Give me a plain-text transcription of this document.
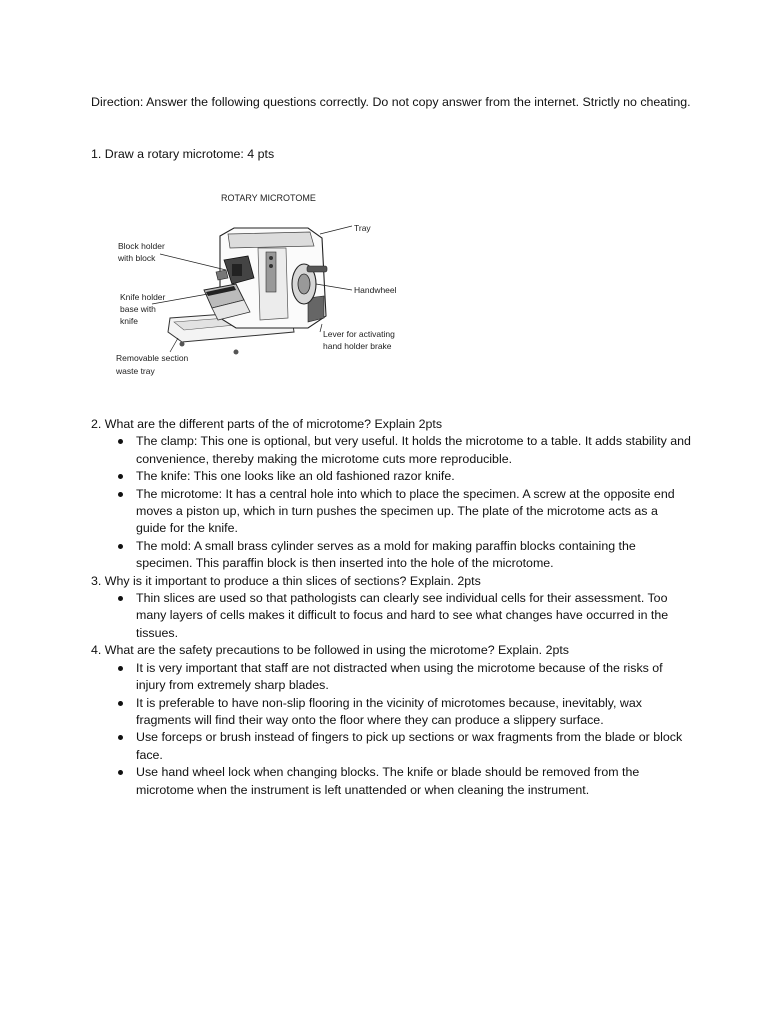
Direction: Answer the following questions correctly. Do not copy answer from the internet. Strictly no cheating.

1. Draw a rotary microtome: 4 pts

ROTARY MICROTOME
Tray
Block holder
with block
Knife holder
base with
knife
Handwheel
Lever for activating
hand holder brake
Removable section
waste tray

2. What are the different parts of the of microtome? Explain 2pts

The clamp: This one is optional, but very useful. It holds the microtome to a table. It adds stability and convenience, thereby making the microtome cuts more reproducible.
The knife: This one looks like an old fashioned razor knife.
The microtome: It has a central hole into which to place the specimen. A screw at the opposite end moves a piston up, which in turn pushes the specimen up. The plate of the microtome acts as a guide for the knife.
The mold: A small brass cylinder serves as a mold for making paraffin blocks containing the specimen. This paraffin block is then inserted into the hole of the microtome.

3. Why is it important to produce a thin slices of sections? Explain. 2pts

Thin slices are used so that pathologists can clearly see individual cells for their assessment. Too many layers of cells makes it difficult to focus and hard to see what changes have occurred in the tissues.

4. What are the safety precautions to be followed in using the microtome? Explain. 2pts

It is very important that staff are not distracted when using the microtome because of the risks of injury from extremely sharp blades.
It is preferable to have non-slip flooring in the vicinity of microtomes because, inevitably, wax fragments will find their way onto the floor where they can produce a slippery surface.
Use forceps or brush instead of fingers to pick up sections or wax fragments from the blade or block face.
Use hand wheel lock when changing blocks. The knife or blade should be removed from the microtome when the instrument is left unattended or when cleaning the instrument.
